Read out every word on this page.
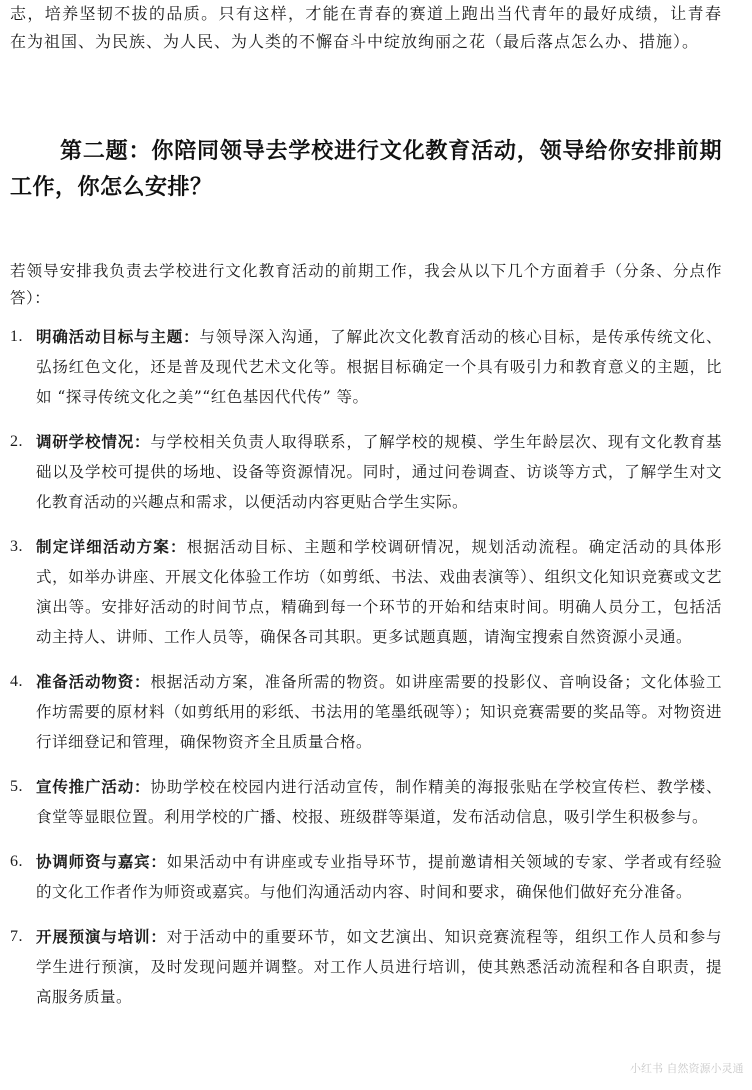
志，培养坚韧不拔的品质。只有这样，才能在青春的赛道上跑出当代青年的最好成绩，让青春在为祖国、为民族、为人民、为人类的不懈奋斗中绽放绚丽之花（最后落点怎么办、措施）。

第二题：你陪同领导去学校进行文化教育活动，领导给你安排前期工作，你怎么安排？

若领导安排我负责去学校进行文化教育活动的前期工作，我会从以下几个方面着手（分条、分点作答）：

1. 明确活动目标与主题：与领导深入沟通，了解此次文化教育活动的核心目标，是传承传统文化、弘扬红色文化，还是普及现代艺术文化等。根据目标确定一个具有吸引力和教育意义的主题，比如 “探寻传统文化之美”“红色基因代代传” 等。
2. 调研学校情况：与学校相关负责人取得联系，了解学校的规模、学生年龄层次、现有文化教育基础以及学校可提供的场地、设备等资源情况。同时，通过问卷调查、访谈等方式，了解学生对文化教育活动的兴趣点和需求，以便活动内容更贴合学生实际。
3. 制定详细活动方案：根据活动目标、主题和学校调研情况，规划活动流程。确定活动的具体形式，如举办讲座、开展文化体验工作坊（如剪纸、书法、戏曲表演等）、组织文化知识竞赛或文艺演出等。安排好活动的时间节点，精确到每一个环节的开始和结束时间。明确人员分工，包括活动主持人、讲师、工作人员等，确保各司其职。更多试题真题，请淘宝搜索自然资源小灵通。
4. 准备活动物资：根据活动方案，准备所需的物资。如讲座需要的投影仪、音响设备；文化体验工作坊需要的原材料（如剪纸用的彩纸、书法用的笔墨纸砚等）；知识竞赛需要的奖品等。对物资进行详细登记和管理，确保物资齐全且质量合格。
5. 宣传推广活动：协助学校在校园内进行活动宣传，制作精美的海报张贴在学校宣传栏、教学楼、食堂等显眼位置。利用学校的广播、校报、班级群等渠道，发布活动信息，吸引学生积极参与。
6. 协调师资与嘉宾：如果活动中有讲座或专业指导环节，提前邀请相关领域的专家、学者或有经验的文化工作者作为师资或嘉宾。与他们沟通活动内容、时间和要求，确保他们做好充分准备。
7. 开展预演与培训：对于活动中的重要环节，如文艺演出、知识竞赛流程等，组织工作人员和参与学生进行预演，及时发现问题并调整。对工作人员进行培训，使其熟悉活动流程和各自职责，提高服务质量。
小红书 自然资源小灵通
